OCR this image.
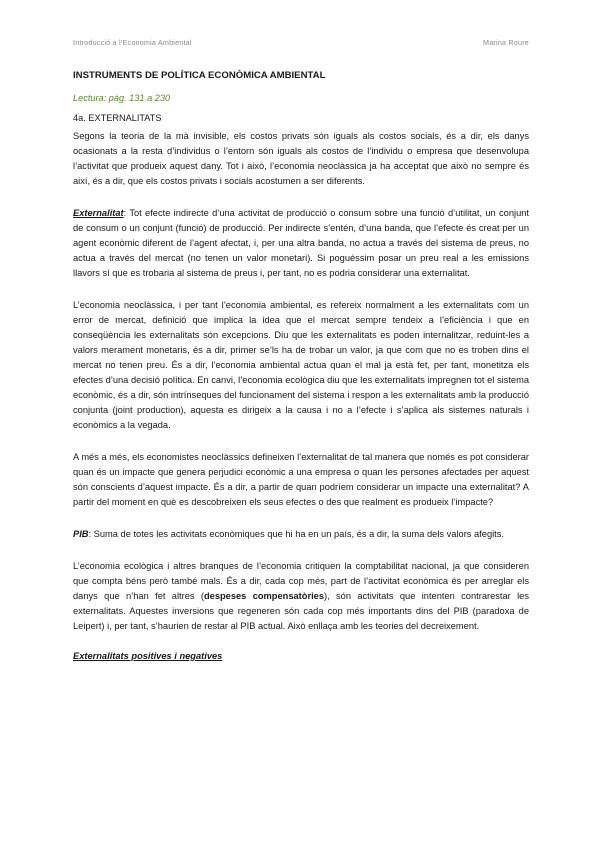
Introducció a l’Economia Ambiental	Marina Roure
INSTRUMENTS DE POLÍTICA ECONÒMICA AMBIENTAL
Lectura: pàg. 131 a 230
4a. EXTERNALITATS

Segons la teoria de la mà invisible, els costos privats són iguals als costos socials, és a dir, els danys ocasionats a la resta d’individus o l’entorn són iguals als costos de l’individu o empresa que desenvolupa l’activitat que produeix aquest dany. Tot i això, l’economia neoclàssica ja ha acceptat que això no sempre és així, és a dir, que els costos privats i socials acostumen a ser diferents.

Externalitat: Tot efecte indirecte d’una activitat de producció o consum sobre una funció d’utilitat, un conjunt de consum o un conjunt (funció) de producció. Per indirecte s’entén, d’una banda, que l’efecte és creat per un agent econòmic diferent de l’agent afectat, i, per una altra banda, no actua a través del sistema de preus, no actua a través del mercat (no tenen un valor monetari). Si poguéssim posar un preu real a les emissions llavors sí que es trobaria al sistema de preus i, per tant, no es podria considerar una externalitat.

L’economia neoclàssica, i per tant l’economia ambiental, es refereix normalment a les externalitats com un error de mercat, definició que implica la idea que el mercat sempre tendeix a l’eficiència i que en conseqüència les externalitats són excepcions. Diu que les externalitats es poden internalitzar, reduint-les a valors merament monetaris, és a dir, primer se’ls ha de trobar un valor, ja que com que no es troben dins el mercat no tenen preu. És a dir, l’economia ambiental actua quan el mal ja està fet, per tant, monetitza els efectes d’una decisió política. En canvi, l’economia ecològica diu que les externalitats impregnen tot el sistema econòmic, és a dir, són intrínseques del funcionament del sistema i respon a les externalitats amb la producció conjunta (joint production), aquesta es dirigeix a la causa i no a l’efecte i s’aplica als sistemes naturals i econòmics a la vegada.

A més a més, els economistes neoclàssics defineixen l’externalitat de tal manera que només es pot considerar quan és un impacte que genera perjudici econòmic a una empresa o quan les persones afectades per aquest són conscients d’aquest impacte. És a dir, a partir de quan podríem considerar un impacte una externalitat? A partir del moment en què es descobreixen els seus efectes o des que realment es produeix l’impacte?

PIB: Suma de totes les activitats econòmiques que hi ha en un país, és a dir, la suma dels valors afegits.

L’economia ecològica i altres branques de l’economia critiquen la comptabilitat nacional, ja que consideren que compta béns però també mals. És a dir, cada cop més, part de l’activitat econòmica és per arreglar els danys que n’han fet altres (despeses compensatòries), són activitats que intenten contrarestar les externalitats. Aquestes inversions que regeneren són cada cop més importants dins del PIB (paradoxa de Leipert) i, per tant, s’haurien de restar al PIB actual. Això enllaça amb les teories del decreixement.

Externalitats positives i negatives
